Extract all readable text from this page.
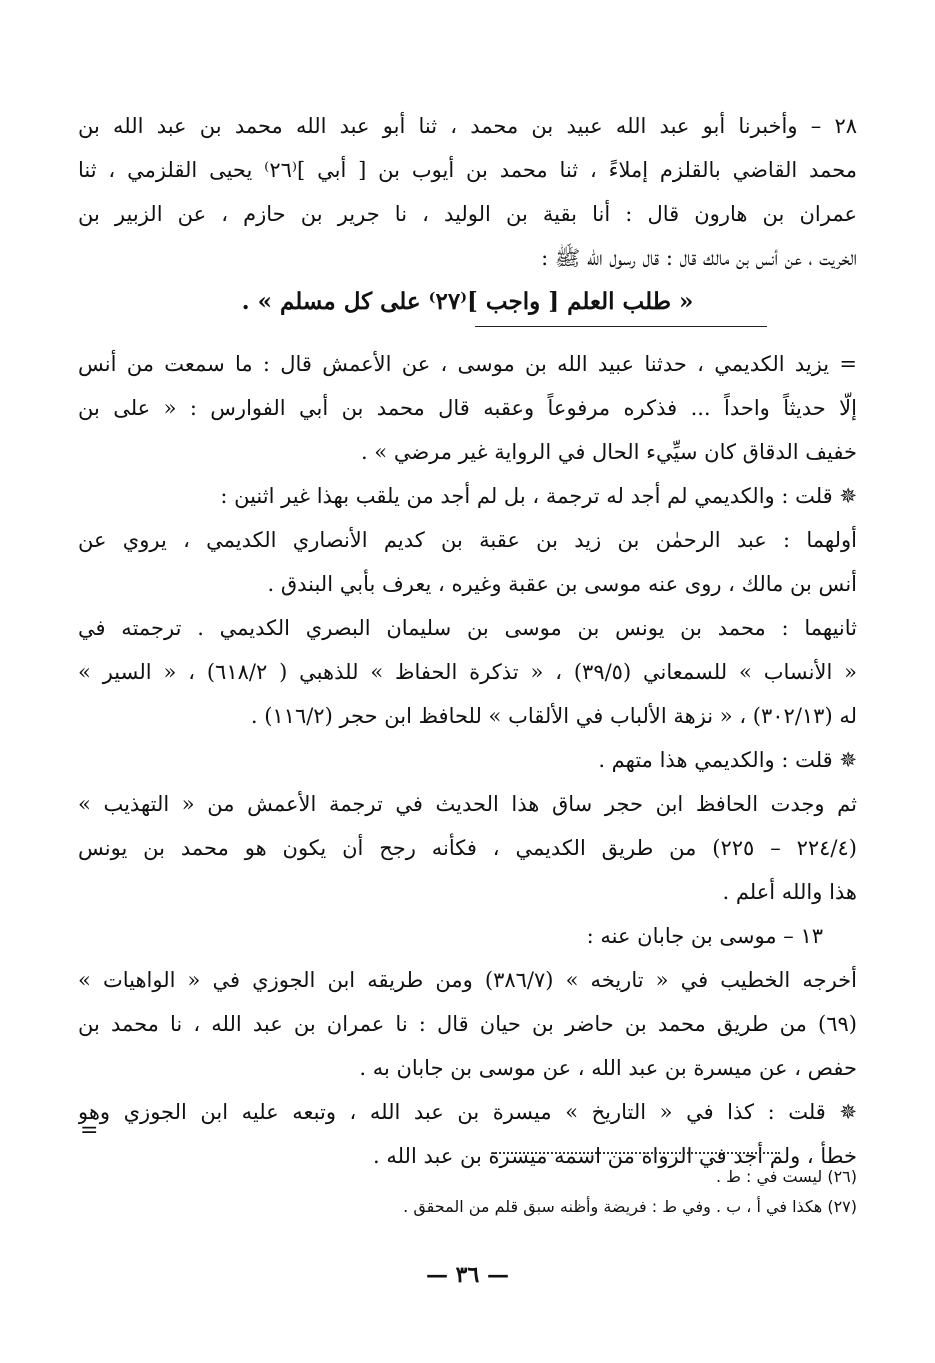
٢٨ – وأخبرنا أبو عبد الله عبيد بن محمد ، ثنا أبو عبد الله محمد بن عبد الله بن
محمد القاضي بالقلزم إملاءً ، ثنا محمد بن أيوب بن [ أبي ]⁽٢٦⁾ يحيى القلزمي ، ثنا
عمران بن هارون قال : أنا بقية بن الوليد ، نا جرير بن حازم ، عن الزبير بن
الخريت ، عن أنس بن مالك قال : قال رسول الله ﷺ :
« طلب العلم [ واجب ]⁽٢٧⁾ على كل مسلم » .
= يزيد الكديمي ، حدثنا عبيد الله بن موسى ، عن الأعمش قال : ما سمعت من أنس
إلّا حديثاً واحداً ... فذكره مرفوعاً وعقبه قال محمد بن أبي الفوارس : « على بن
خفيف الدقاق كان سيِّيء الحال في الرواية غير مرضي » .
✵ قلت : والكديمي لم أجد له ترجمة ، بل لم أجد من يلقب بهذا غير اثنين :
أولهما : عبد الرحمٰن بن زيد بن عقبة بن كديم الأنصاري الكديمي ، يروي عن
أنس بن مالك ، روى عنه موسى بن عقبة وغيره ، يعرف بأبي البندق .
ثانيهما : محمد بن يونس بن موسى بن سليمان البصري الكديمي . ترجمته في
« الأنساب » للسمعاني (٣٩/٥) ، « تذكرة الحفاظ » للذهبي ( ٦١٨/٢) ، « السير »
له (٣٠٢/١٣) ، « نزهة الألباب في الألقاب » للحافظ ابن حجر (١١٦/٢) .
✵ قلت : والكديمي هذا متهم .
ثم وجدت الحافظ ابن حجر ساق هذا الحديث في ترجمة الأعمش من « التهذيب »
(٢٢٤/٤ – ٢٢٥) من طريق الكديمي ، فكأنه رجح أن يكون هو محمد بن يونس
هذا والله أعلم .
١٣ – موسى بن جابان عنه :
أخرجه الخطيب في « تاريخه » (٣٨٦/٧) ومن طريقه ابن الجوزي في « الواهيات »
(٦٩) من طريق محمد بن حاضر بن حيان قال : نا عمران بن عبد الله ، نا محمد بن
حفص ، عن ميسرة بن عبد الله ، عن موسى بن جابان به .
✵ قلت : كذا في « التاريخ » ميسرة بن عبد الله ، وتبعه عليه ابن الجوزي وهو
خطأ ، ولم أجد في الرواة من اسمه ميسرة بن عبد الله .
=
(٢٦) ليست في : ط .
(٢٧) هكذا في أ ، ب . وفي ط : فريضة وأظنه سبق قلم من المحقق .
— ٣٦ —
